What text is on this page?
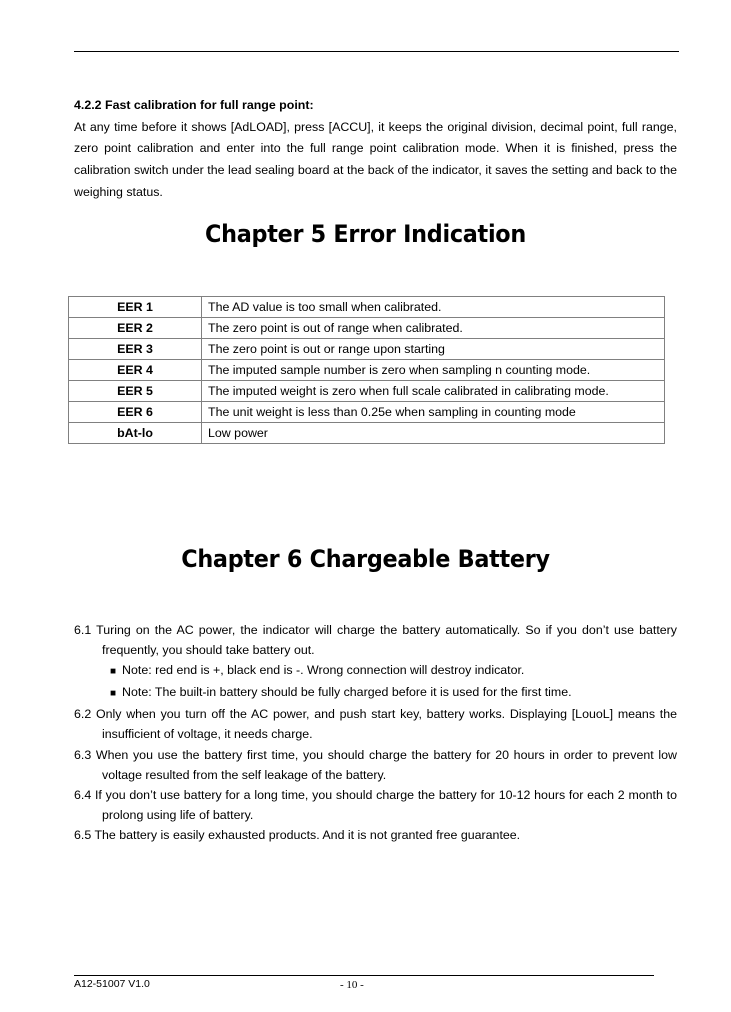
4.2.2 Fast calibration for full range point:
At any time before it shows [AdLOAD], press [ACCU], it keeps the original division, decimal point, full range, zero point calibration and enter into the full range point calibration mode. When it is finished, press the calibration switch under the lead sealing board at the back of the indicator, it saves the setting and back to the weighing status.
Chapter 5 Error Indication
EER 1	The AD value is too small when calibrated.
EER 2	The zero point is out of range when calibrated.
EER 3	The zero point is out or range upon starting
EER 4	The imputed sample number is zero when sampling n counting mode.
EER 5	The imputed weight is zero when full scale calibrated in calibrating mode.
EER 6	The unit weight is less than 0.25e when sampling in counting mode
bAt-lo	Low power
Chapter 6 Chargeable Battery
6.1 Turing on the AC power, the indicator will charge the battery automatically. So if you don’t use battery frequently, you should take battery out.
■ Note: red end is +, black end is -. Wrong connection will destroy indicator.
■ Note: The built-in battery should be fully charged before it is used for the first time.
6.2 Only when you turn off the AC power, and push start key, battery works. Displaying [LouoL] means the insufficient of voltage, it needs charge.
6.3 When you use the battery first time, you should charge the battery for 20 hours in order to prevent low voltage resulted from the self leakage of the battery.
6.4 If you don’t use battery for a long time, you should charge the battery for 10-12 hours for each 2 month to prolong using life of battery.
6.5 The battery is easily exhausted products. And it is not granted free guarantee.
A12-51007 V1.0	- 10 -
